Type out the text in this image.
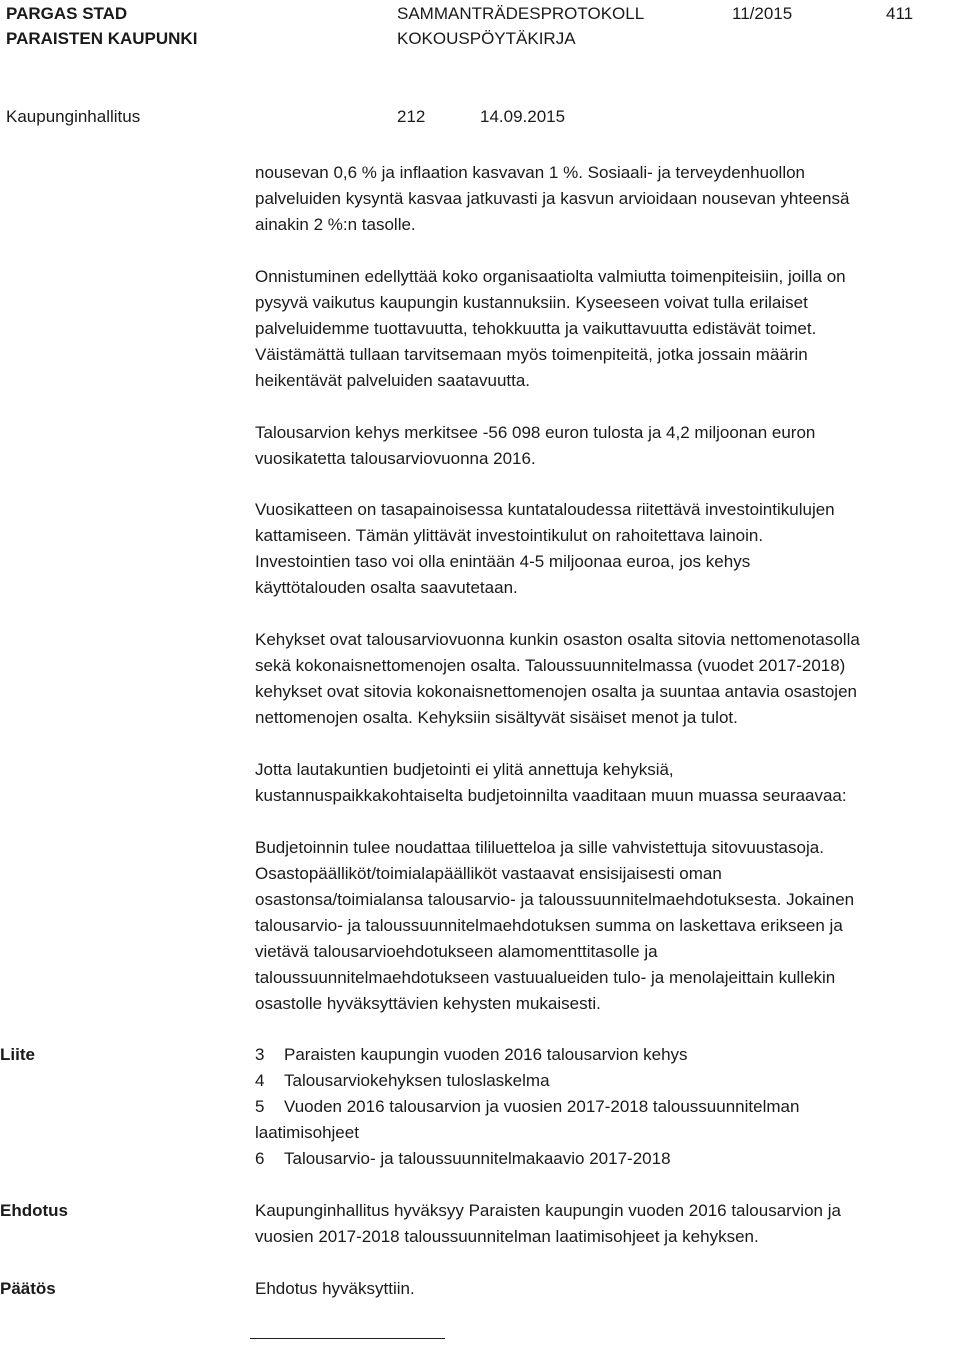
PARGAS STAD
PARAISTEN KAUPUNKI
SAMMANTRÄDESPROTOKOLL
KOKOUSPÖYTÄKIRJA
11/2015	411
Kaupunginhallitus	212	14.09.2015
nousevan 0,6 % ja inflaation kasvavan 1 %. Sosiaali- ja terveydenhuollon
palveluiden kysyntä kasvaa jatkuvasti ja kasvun arvioidaan nousevan yhteensä
ainakin 2 %:n tasolle.
Onnistuminen edellyttää koko organisaatiolta valmiutta toimenpiteisiin, joilla on
pysyvä vaikutus kaupungin kustannuksiin. Kyseeseen voivat tulla erilaiset
palveluidemme tuottavuutta, tehokkuutta ja vaikuttavuutta edistävät toimet.
Väistämättä tullaan tarvitsemaan myös toimenpiteitä, jotka jossain määrin
heikentävät palveluiden saatavuutta.
Talousarvion kehys merkitsee -56 098 euron tulosta ja 4,2 miljoonan euron
vuosikatetta talousarviovuonna 2016.
Vuosikatteen on tasapainoisessa kuntataloudessa riitettävä investointikulujen
kattamiseen. Tämän ylittävät investointikulut on rahoitettava lainoin.
Investointien taso voi olla enintään 4-5 miljoonaa euroa, jos kehys
käyttötalouden osalta saavutetaan.
Kehykset ovat talousarviovuonna kunkin osaston osalta sitovia nettomenotasolla
sekä kokonaisnettomenojen osalta. Taloussuunnitelmassa (vuodet 2017-2018)
kehykset ovat sitovia kokonaisnettomenojen osalta ja suuntaa antavia osastojen
nettomenojen osalta. Kehyksiin sisältyvät sisäiset menot ja tulot.
Jotta lautakuntien budjetointi ei ylitä annettuja kehyksiä,
kustannuspaikkakohtaiselta budjetoinnilta vaaditaan muun muassa seuraavaa:
Budjetoinnin tulee noudattaa tililuetteloa ja sille vahvistettuja sitovuustasoja.
Osastopäälliköt/toimialapäälliköt vastaavat ensisijaisesti oman
osastonsa/toimialansa talousarvio- ja taloussuunnitelmaehdotuksesta. Jokainen
talousarvio- ja taloussuunnitelmaehdotuksen summa on laskettava erikseen ja
vietävä talousarvioehdotukseen alamomenttitasolle ja
taloussuunnitelmaehdotukseen vastuualueiden tulo- ja menolajeittain kullekin
osastolle hyväksyttävien kehysten mukaisesti.
Liite	3 Paraisten kaupungin vuoden 2016 talousarvion kehys
4 Talousarviokehyksen tuloslaskelma
5 Vuoden 2016 talousarvion ja vuosien 2017-2018 taloussuunnitelman
laatimisohjeet
6 Talousarvio- ja taloussuunnitelmakaavio 2017-2018
Ehdotus	Kaupunginhallitus hyväksyy Paraisten kaupungin vuoden 2016 talousarvion ja
vuosien 2017-2018 taloussuunnitelman laatimisohjeet ja kehyksen.
Päätös	Ehdotus hyväksyttiin.
